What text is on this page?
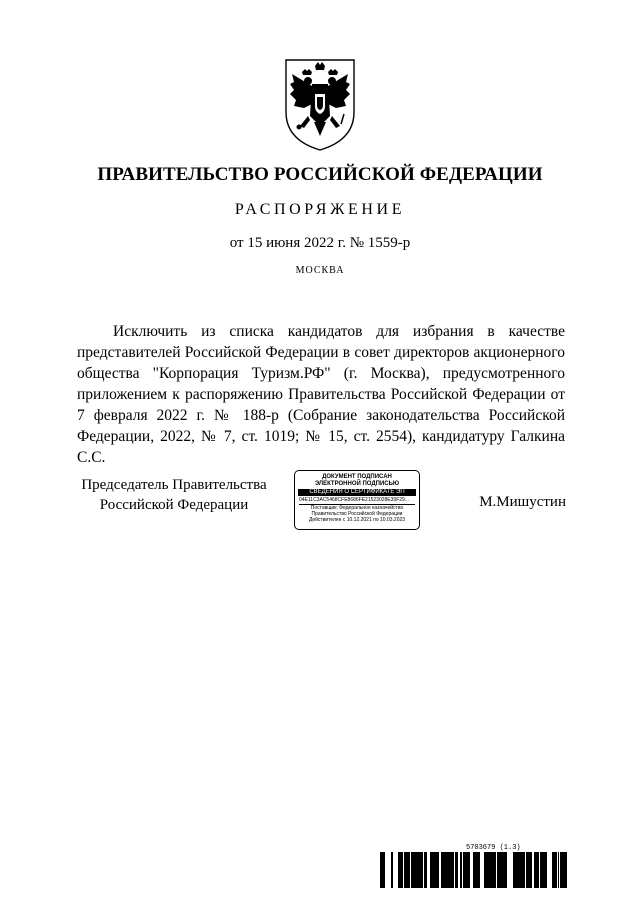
ПРАВИТЕЛЬСТВО РОССИЙСКОЙ ФЕДЕРАЦИИ
РАСПОРЯЖЕНИЕ
от 15 июня 2022 г. № 1559-р
МОСКВА

Исключить из списка кандидатов для избрания в качестве представителей Российской Федерации в совет директоров акционерного общества "Корпорация Туризм.РФ" (г. Москва), предусмотренного приложением к распоряжению Правительства Российской Федерации от 7 февраля 2022 г. № 188-р (Собрание законодательства Российской Федерации, 2022, № 7, ст. 1019; № 15, ст. 2554), кандидатуру Галкина С.С.

Председатель Правительства
Российской Федерации
ДОКУМЕНТ ПОДПИСАН
ЭЛЕКТРОННОЙ ПОДПИСЬЮ
СВЕДЕНИЯ О СЕРТИФИКАТЕ ЭП
04E11C3AC5468CFE8686FE21523028E39F29...
Поставщик: Федеральное казначейство
Правительство Российской Федерации
Действителен с 10.12.2021 по 10.03.2023
М.Мишустин
5703679 (1.3)
